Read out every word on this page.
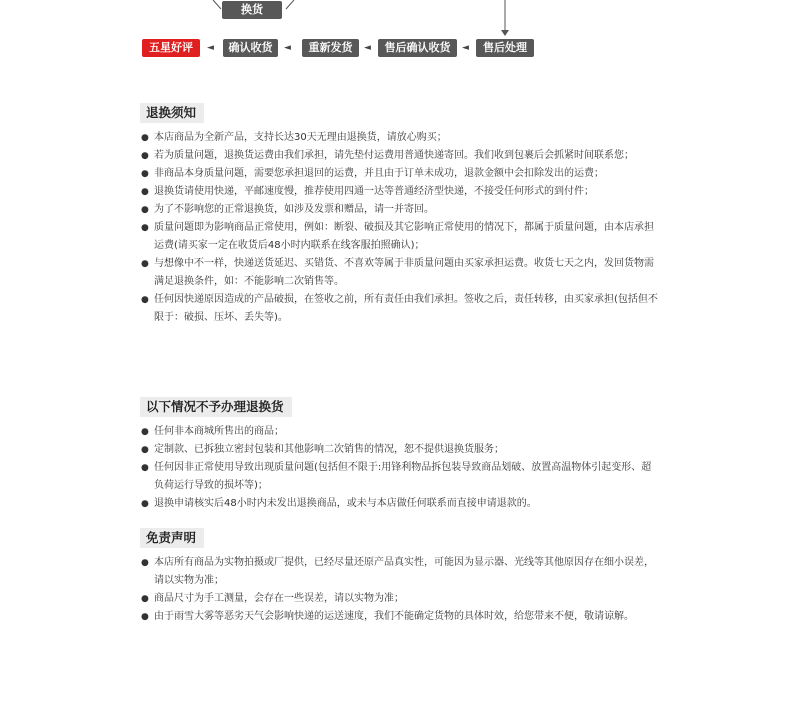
换货
五星好评	◄	确认收货	◄	重新发货	◄	售后确认收货	◄	售后处理
退换须知
● 本店商品为全新产品，支持长达30天无理由退换货，请放心购买；
● 若为质量问题，退换货运费由我们承担，请先垫付运费用普通快递寄回。我们收到包裹后会抓紧时间联系您；
● 非商品本身质量问题，需要您承担退回的运费，并且由于订单未成功，退款金额中会扣除发出的运费；
● 退换货请使用快递，平邮速度慢，推荐使用四通一达等普通经济型快递，不接受任何形式的到付件；
● 为了不影响您的正常退换货，如涉及发票和赠品，请一并寄回。
● 质量问题即为影响商品正常使用，例如：断裂、破损及其它影响正常使用的情况下，都属于质量问题，由本店承担运费(请买家一定在收货后48小时内联系在线客服拍照确认)；
● 与想像中不一样，快递送货延迟、买错货、不喜欢等属于非质量问题由买家承担运费。收货七天之内，发回货物需满足退换条件，如：不能影响二次销售等。
● 任何因快递原因造成的产品破损，在签收之前，所有责任由我们承担。签收之后，责任转移，由买家承担(包括但不限于：破损、压坏、丢失等)。
以下情况不予办理退换货
● 任何非本商城所售出的商品；
● 定制款、已拆独立密封包装和其他影响二次销售的情况，恕不提供退换货服务；
● 任何因非正常使用导致出现质量问题(包括但不限于:用锋利物品拆包装导致商品划破、放置高温物体引起变形、超负荷运行导致的损坏等)；
● 退换申请核实后48小时内未发出退换商品，或未与本店做任何联系而直接申请退款的。
免责声明
● 本店所有商品为实物拍摄或厂提供，已经尽量还原产品真实性，可能因为显示器、光线等其他原因存在细小误差，请以实物为准；
● 商品尺寸为手工测量，会存在一些误差，请以实物为准；
● 由于雨雪大雾等恶劣天气会影响快递的运送速度，我们不能确定货物的具体时效，给您带来不便，敬请谅解。
